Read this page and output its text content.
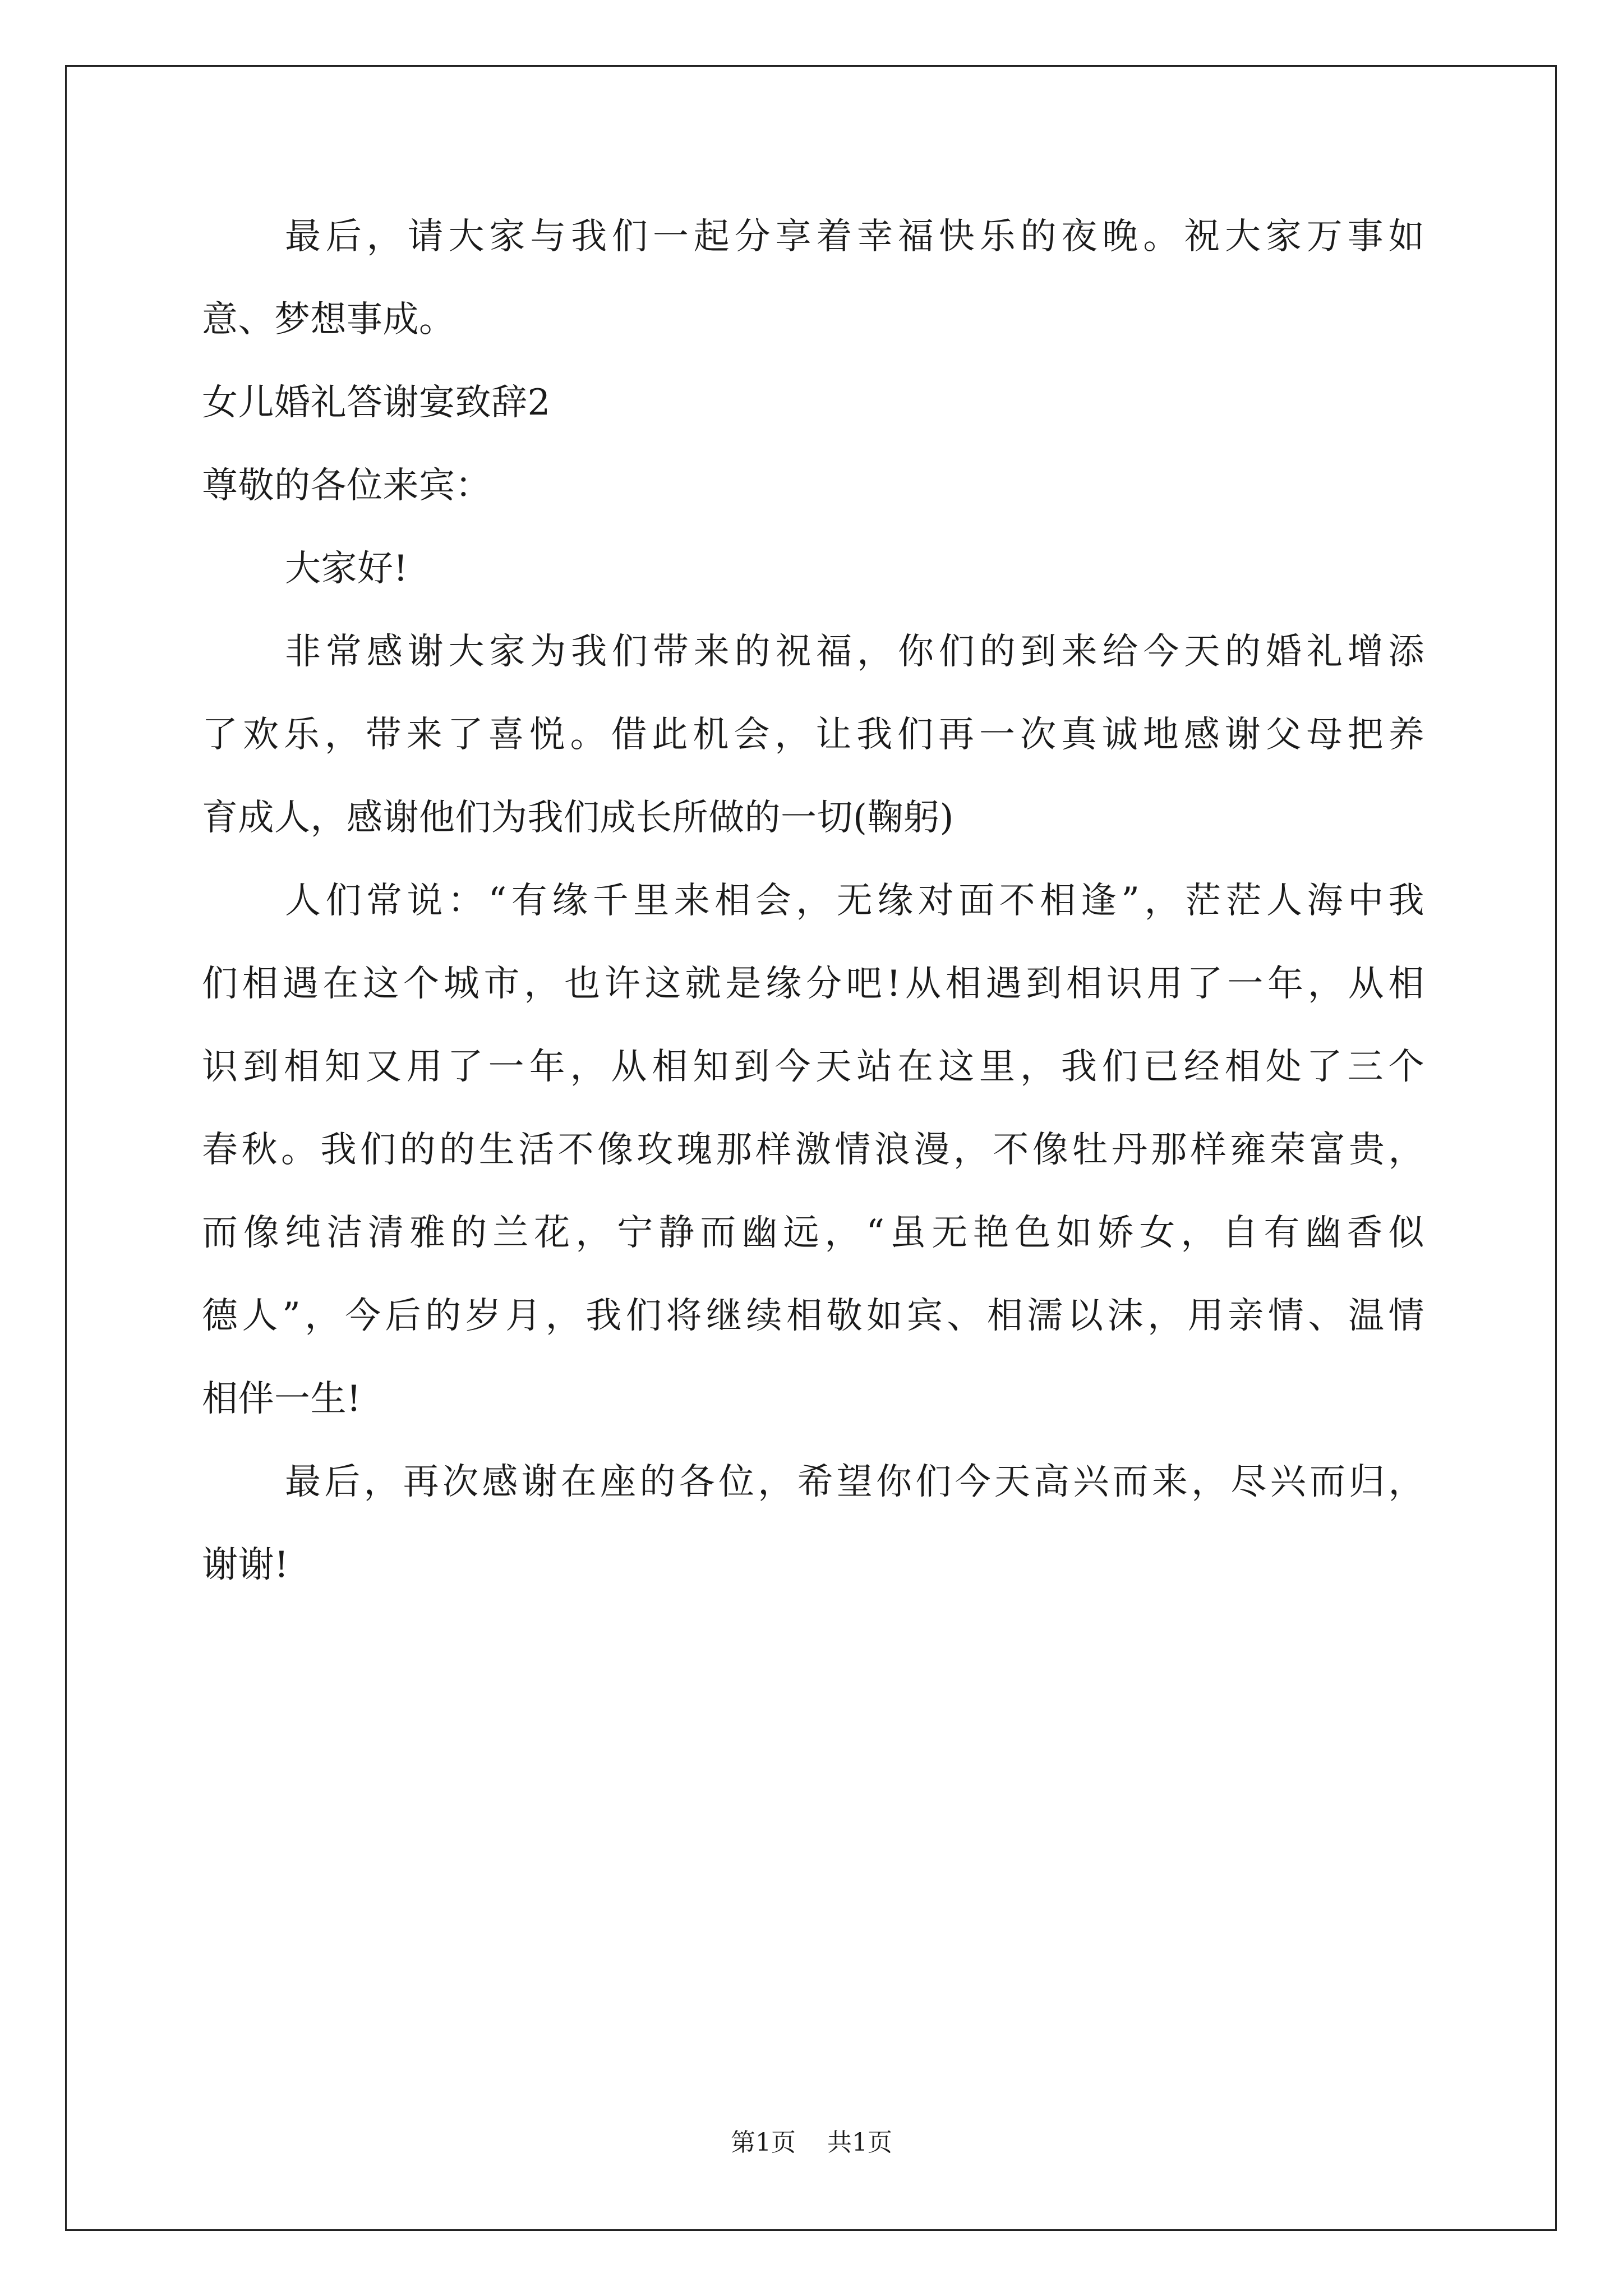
最后，请大家与我们一起分享着幸福快乐的夜晚。祝大家万事如
意、梦想事成。
女儿婚礼答谢宴致辞2
尊敬的各位来宾：
大家好!
非常感谢大家为我们带来的祝福，你们的到来给今天的婚礼增添
了欢乐，带来了喜悦。借此机会，让我们再一次真诚地感谢父母把养
育成人，感谢他们为我们成长所做的一切(鞠躬)
人们常说：“有缘千里来相会，无缘对面不相逢”，茫茫人海中我
们相遇在这个城市，也许这就是缘分吧!从相遇到相识用了一年，从相
识到相知又用了一年，从相知到今天站在这里，我们已经相处了三个
春秋。我们的的生活不像玫瑰那样激情浪漫，不像牡丹那样雍荣富贵，
而像纯洁清雅的兰花，宁静而幽远，“虽无艳色如娇女，自有幽香似
德人”，今后的岁月，我们将继续相敬如宾、相濡以沫，用亲情、温情
相伴一生!
最后，再次感谢在座的各位，希望你们今天高兴而来，尽兴而归，
谢谢!
第1页 共1页
